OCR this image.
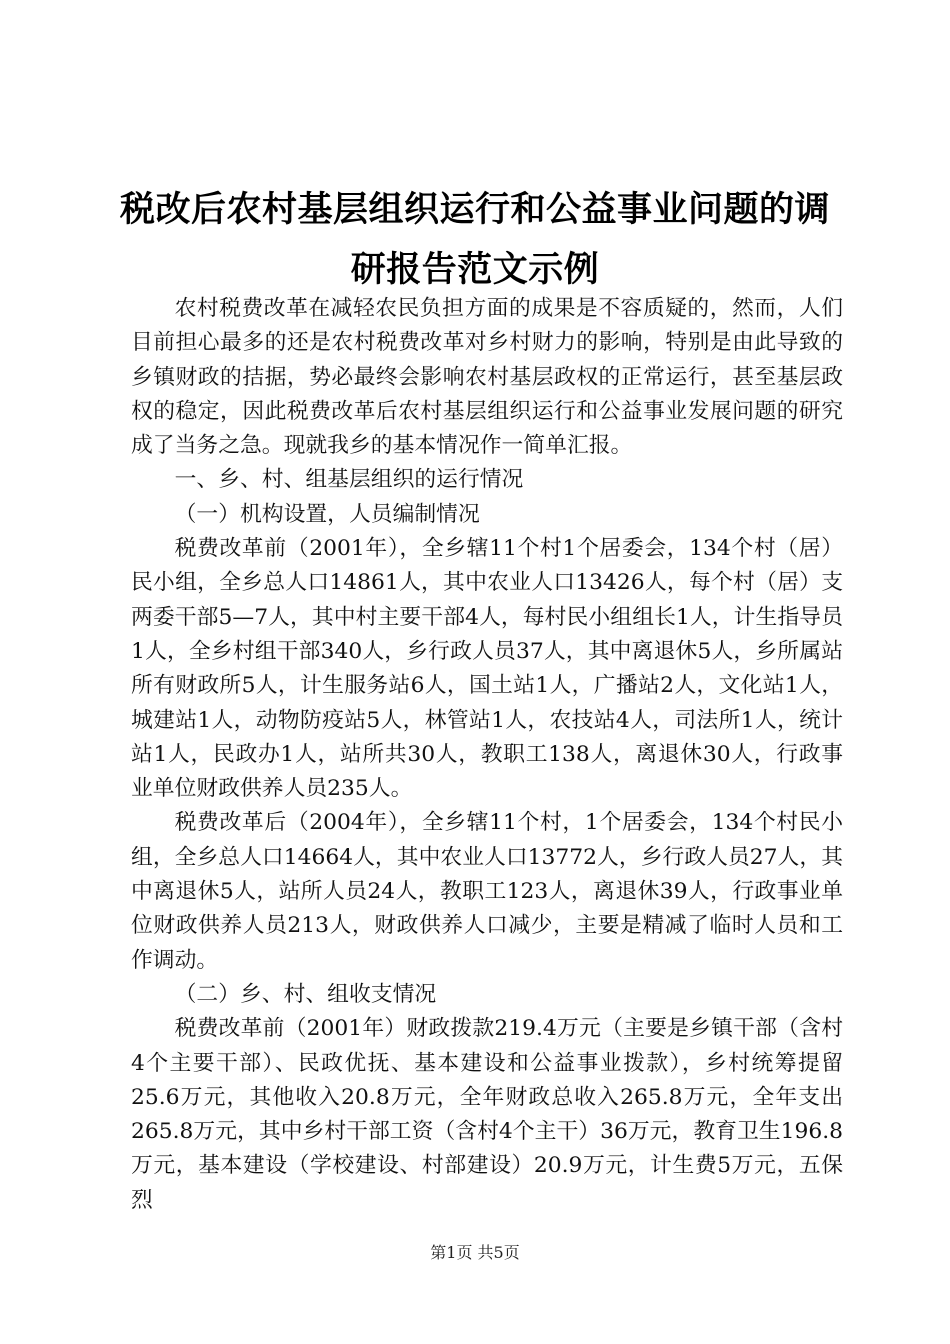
税改后农村基层组织运行和公益事业问题的调
研报告范文示例

农村税费改革在减轻农民负担方面的成果是不容质疑的，然而，人们目前担心最多的还是农村税费改革对乡村财力的影响，特别是由此导致的乡镇财政的拮据，势必最终会影响农村基层政权的正常运行，甚至基层政权的稳定，因此税费改革后农村基层组织运行和公益事业发展问题的研究成了当务之急。现就我乡的基本情况作一简单汇报。

一、乡、村、组基层组织的运行情况

（一）机构设置，人员编制情况

税费改革前（2001年），全乡辖11个村1个居委会，134个村（居）民小组，全乡总人口14861人，其中农业人口13426人，每个村（居）支两委干部5—7人，其中村主要干部4人，每村民小组组长1人，计生指导员1人，全乡村组干部340人，乡行政人员37人，其中离退休5人，乡所属站所有财政所5人，计生服务站6人，国土站1人，广播站2人，文化站1人，城建站1人，动物防疫站5人，林管站1人，农技站4人，司法所1人，统计站1人，民政办1人，站所共30人，教职工138人，离退休30人，行政事业单位财政供养人员235人。

税费改革后（2004年），全乡辖11个村，1个居委会，134个村民小组，全乡总人口14664人，其中农业人口13772人，乡行政人员27人，其中离退休5人，站所人员24人，教职工123人，离退休39人，行政事业单位财政供养人员213人，财政供养人口减少，主要是精减了临时人员和工作调动。

（二）乡、村、组收支情况

税费改革前（2001年）财政拨款219.4万元（主要是乡镇干部（含村4个主要干部）、民政优抚、基本建设和公益事业拨款），乡村统筹提留25.6万元，其他收入20.8万元，全年财政总收入265.8万元，全年支出265.8万元，其中乡村干部工资（含村4个主干）36万元，教育卫生196.8万元，基本建设（学校建设、村部建设）20.9万元，计生费5万元，五保烈

第1页 共5页
